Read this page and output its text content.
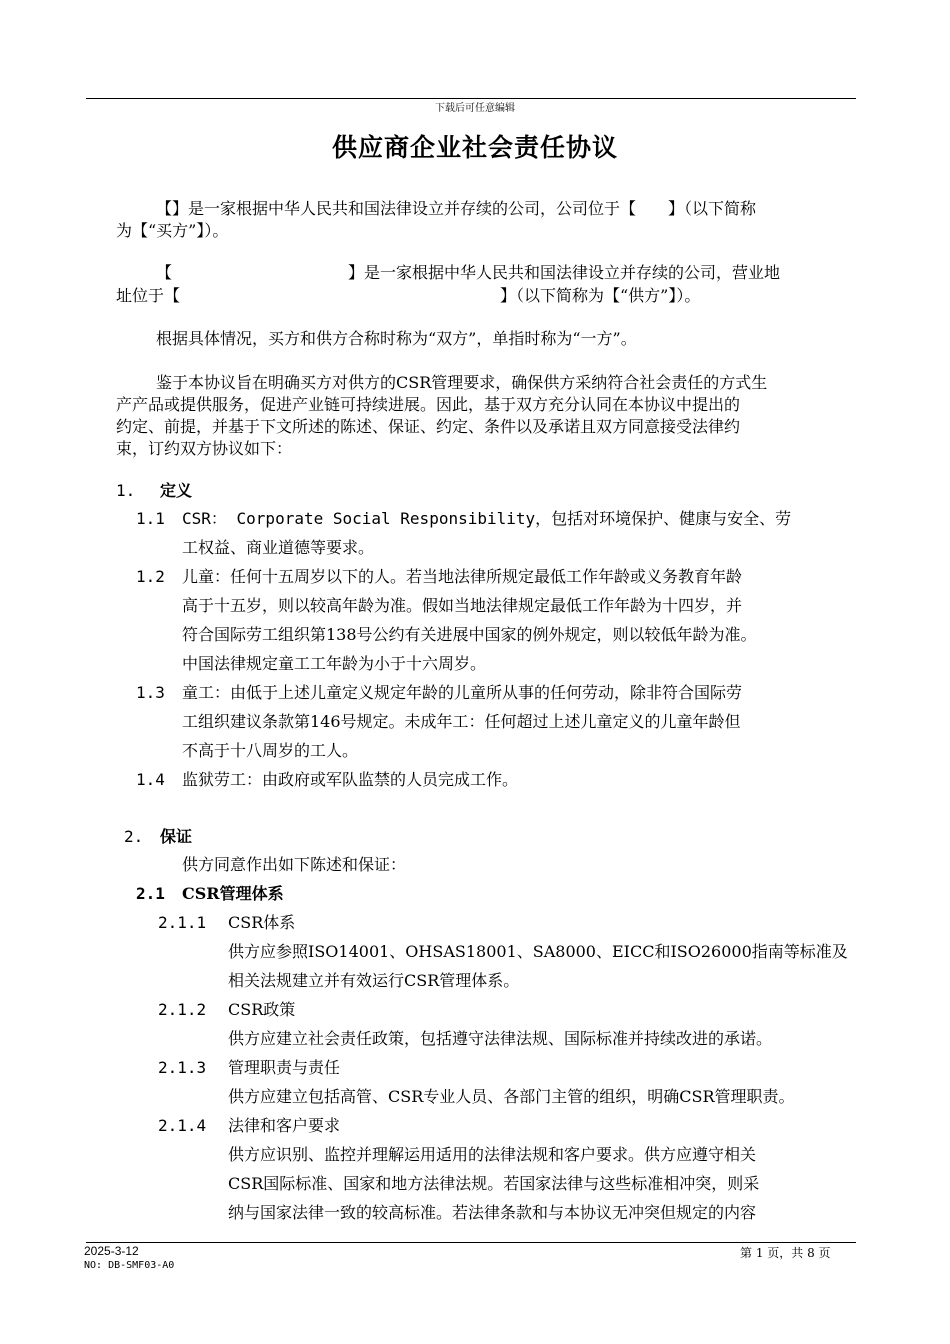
下载后可任意编辑
供应商企业社会责任协议
【】是一家根据中华人民共和国法律设立并存续的公司，公司位于【　　】（以下简称
为【“买方”】）。
【　　　　　　　　　　　】是一家根据中华人民共和国法律设立并存续的公司，营业地
址位于【　　　　　　　　　　　　　　　　　　　　】（以下简称为【“供方”】）。
根据具体情况，买方和供方合称时称为“双方”，单指时称为“一方”。
鉴于本协议旨在明确买方对供方的CSR管理要求，确保供方采纳符合社会责任的方式生
产产品或提供服务，促进产业链可持续进展。因此，基于双方充分认同在本协议中提出的
约定、前提，并基于下文所述的陈述、保证、约定、条件以及承诺且双方同意接受法律约
束，订约双方协议如下：
1. 定义
1.1 CSR： Corporate Social Responsibility，包括对环境保护、健康与安全、劳
工权益、商业道德等要求。
1.2 儿童：任何十五周岁以下的人。若当地法律所规定最低工作年龄或义务教育年龄
高于十五岁，则以较高年龄为准。假如当地法律规定最低工作年龄为十四岁，并
符合国际劳工组织第138号公约有关进展中国家的例外规定，则以较低年龄为准。
中国法律规定童工工年龄为小于十六周岁。
1.3 童工：由低于上述儿童定义规定年龄的儿童所从事的任何劳动，除非符合国际劳
工组织建议条款第146号规定。未成年工：任何超过上述儿童定义的儿童年龄但
不高于十八周岁的工人。
1.4 监狱劳工：由政府或军队监禁的人员完成工作。
2. 保证
供方同意作出如下陈述和保证：
2.1 CSR管理体系
2.1.1 CSR体系
供方应参照ISO14001、OHSAS18001、SA8000、EICC和ISO26000指南等标准及
相关法规建立并有效运行CSR管理体系。
2.1.2 CSR政策
供方应建立社会责任政策，包括遵守法律法规、国际标准并持续改进的承诺。
2.1.3 管理职责与责任
供方应建立包括高管、CSR专业人员、各部门主管的组织，明确CSR管理职责。
2.1.4 法律和客户要求
供方应识别、监控并理解运用适用的法律法规和客户要求。供方应遵守相关
CSR国际标准、国家和地方法律法规。若国家法律与这些标准相冲突，则采
纳与国家法律一致的较高标准。若法律条款和与本协议无冲突但规定的内容
2025-3-12
NO: DB-SMF03-A0
第 1 页，共 8 页
